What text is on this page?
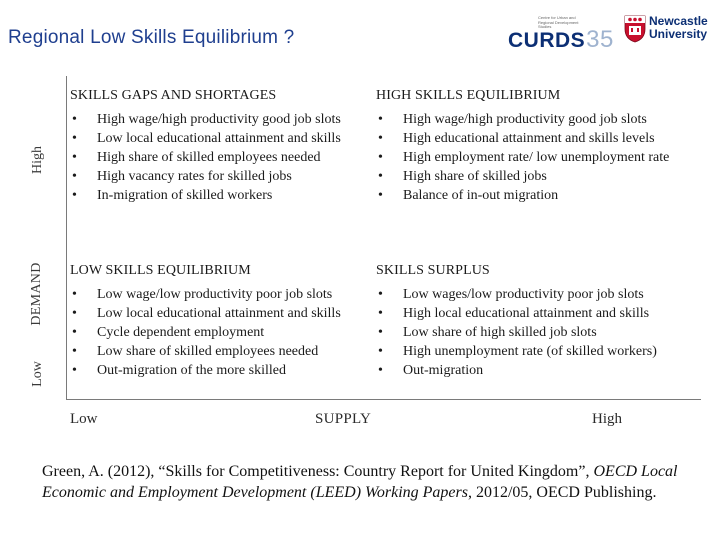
Regional Low Skills Equilibrium ?
Centre for Urban and Regional Development Studies
CURDS35
Newcastle
University
High
DEMAND
Low
SKILLS GAPS AND SHORTAGES
• High wage/high productivity good job slots
• Low local educational attainment and skills
• High share of skilled employees needed
• High vacancy rates for skilled jobs
• In-migration of skilled workers
HIGH SKILLS EQUILIBRIUM
• High wage/high productivity good job slots
• High educational attainment and skills levels
• High employment rate/ low unemployment rate
• High share of skilled jobs
• Balance of in-out migration
LOW SKILLS EQUILIBRIUM
• Low wage/low productivity poor job slots
• Low local educational attainment and skills
• Cycle dependent employment
• Low share of skilled employees needed
• Out-migration of the more skilled
SKILLS SURPLUS
• Low wages/low productivity poor job slots
• High local educational attainment and skills
• Low share of high skilled job slots
• High unemployment rate (of skilled workers)
• Out-migration
Low	SUPPLY	High
Green, A. (2012), “Skills for Competitiveness: Country Report for United Kingdom”, OECD Local Economic and Employment Development (LEED) Working Papers, 2012/05, OECD Publishing.
